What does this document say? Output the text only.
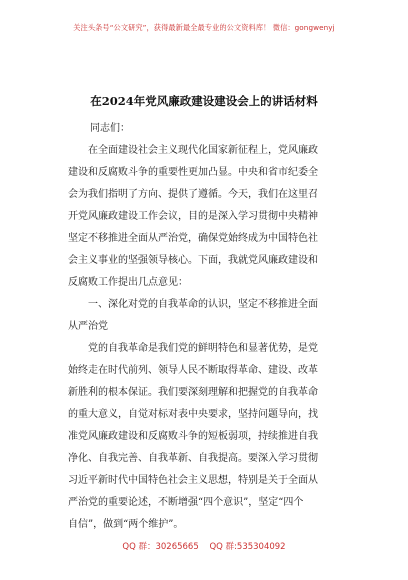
关注头条号“公文研究”，获得最新最全最专业的公文资料库！ 微信：gongwenyj
在2024年党风廉政建设建设会上的讲话材料
同志们：
在全面建设社会主义现代化国家新征程上，党风廉政
建设和反腐败斗争的重要性更加凸显。中央和省市纪委全
会为我们指明了方向、提供了遵循。今天，我们在这里召
开党风廉政建设工作会议，目的是深入学习贯彻中央精神
坚定不移推进全面从严治党，确保党始终成为中国特色社
会主义事业的坚强领导核心。下面，我就党风廉政建设和
反腐败工作提出几点意见：
一、深化对党的自我革命的认识，坚定不移推进全面
从严治党
党的自我革命是我们党的鲜明特色和显著优势，是党
始终走在时代前列、领导人民不断取得革命、建设、改革
新胜利的根本保证。我们要深刻理解和把握党的自我革命
的重大意义，自觉对标对表中央要求，坚持问题导向，找
准党风廉政建设和反腐败斗争的短板弱项，持续推进自我
净化、自我完善、自我革新、自我提高。要深入学习贯彻
习近平新时代中国特色社会主义思想，特别是关于全面从
严治党的重要论述，不断增强“四个意识”，坚定“四个
自信”，做到“两个维护”。
QQ 群：30265665 QQ 群:535304092
